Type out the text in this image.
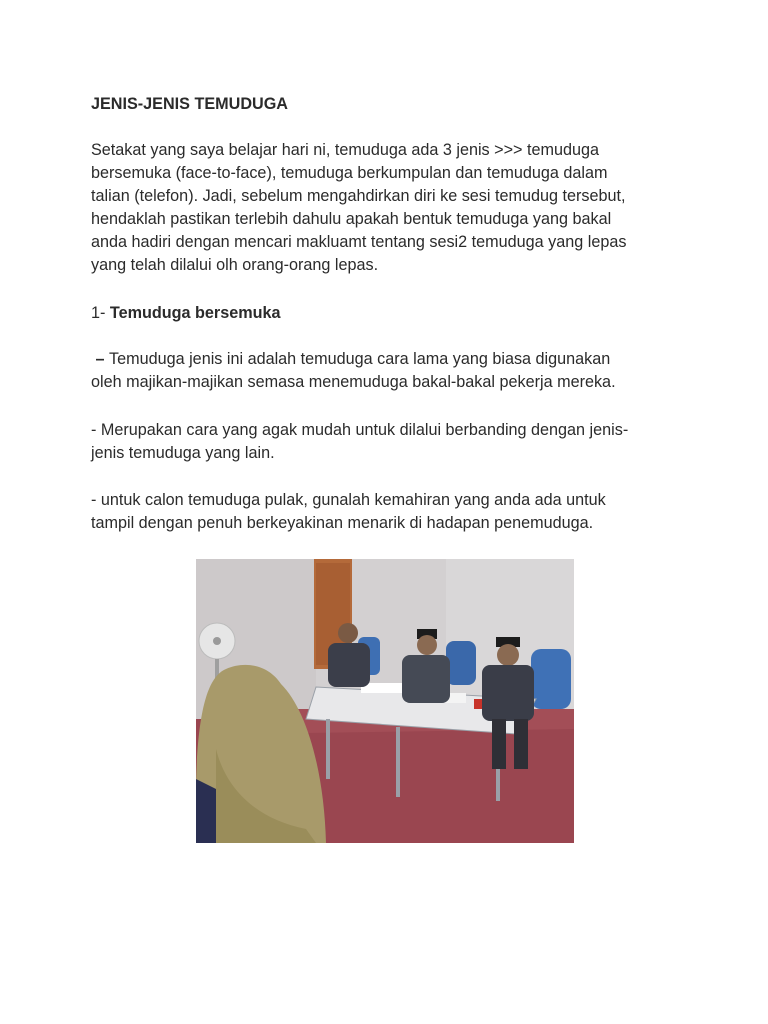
JENIS-JENIS TEMUDUGA

Setakat yang saya belajar hari ni, temuduga ada 3 jenis >>> temuduga
bersemuka (face-to-face), temuduga berkumpulan dan temuduga dalam
talian (telefon). Jadi, sebelum mengahdirkan diri ke sesi temudug tersebut,
hendaklah pastikan terlebih dahulu apakah bentuk temuduga yang bakal
anda hadiri dengan mencari makluamt tentang sesi2 temuduga yang lepas
yang telah dilalui olh orang-orang lepas.
1- Temuduga bersemuka
– Temuduga jenis ini adalah temuduga cara lama yang biasa digunakan
oleh majikan-majikan semasa menemuduga bakal-bakal pekerja mereka.
- Merupakan cara yang agak mudah untuk dilalui berbanding dengan jenis-
jenis temuduga yang lain.
- untuk calon temuduga pulak, gunalah kemahiran yang anda ada untuk
tampil dengan penuh berkeyakinan menarik di hadapan penemuduga.
